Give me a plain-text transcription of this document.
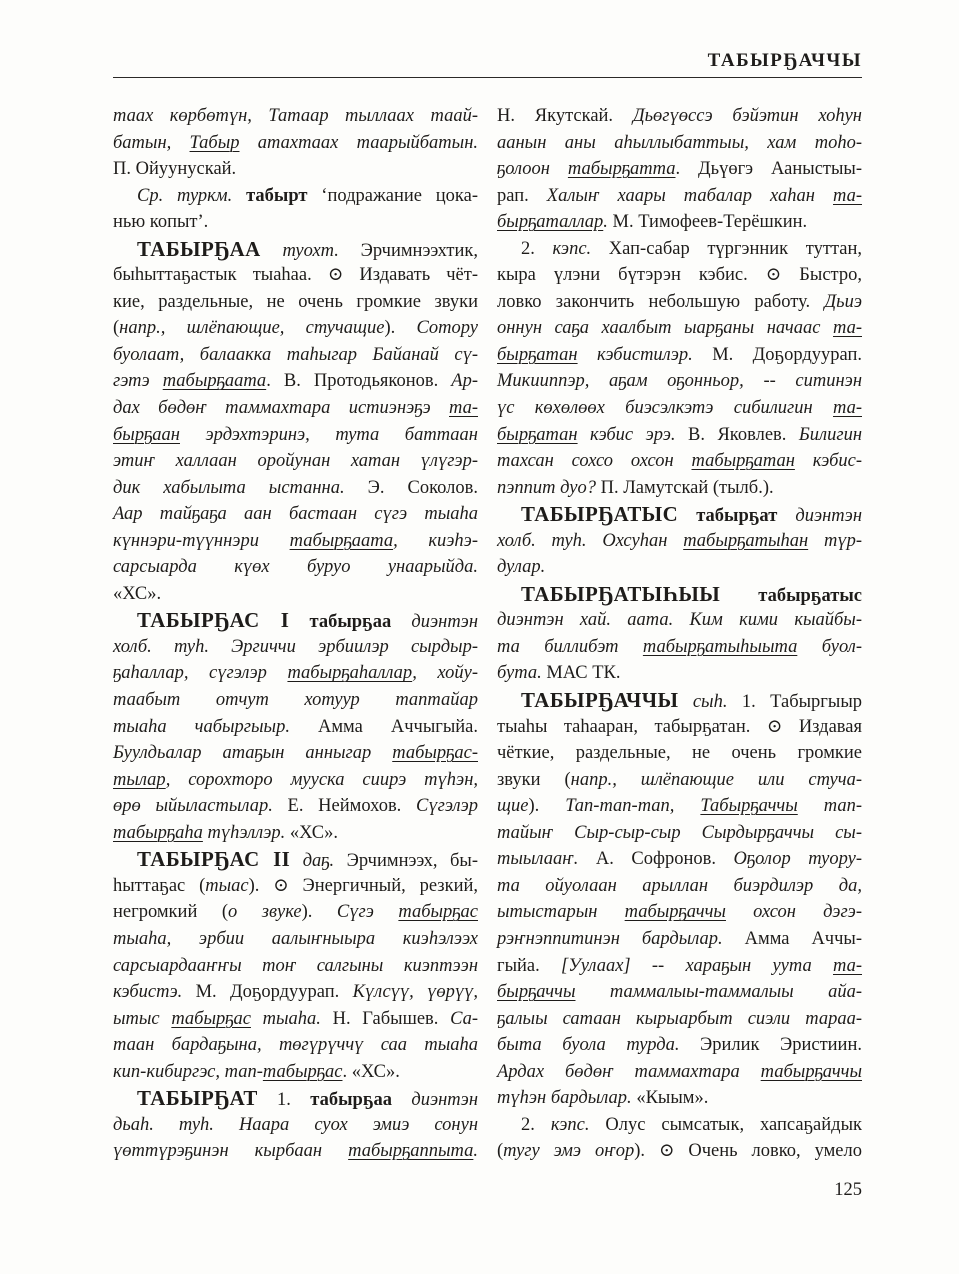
ТАБЫРҔАЧЧЫ
таах көрбөтүн, Татаар тыллаах таай-
батын, Табыр атахтаах таарыйбатын.
П. Ойуунускай.
Ср. туркм. табырт ‘подражание цока-
нью копыт’.
ТАБЫРҔАА туохт. Эрчимнээхтик,
быһыттаҕастык тыаһаа. ⊙ Издавать чёт-
кие, раздельные, не очень громкие звуки
(напр., шлёпающие, стучащие). Сотору
буолаат, балаакка таһыгар Байанай сү-
гэтэ табырҕаата. В. Протодьяконов. Ар-
дах бөдөҥ таммахтара истиэнэҕэ та-
бырҕаан эрдэхтэринэ, тута баттаан
этиҥ халлаан оройунан хатан үлүгэр-
дик хабылыта ыстанна. Э. Соколов.
Аар тайҕаҕа аан бастаан сүгэ тыаһа
күннэри-түүннэри табырҕаата, киэһэ-
сарсыарда күөх буруо унаарыйда.
«ХС».
ТАБЫРҔАС I табырҕаа диэнтэн
холб. туһ. Эргиччи эрбиилэр сырдыр-
ҕаһаллар, сүгэлэр табырҕаһаллар, хойу-
таабыт отчут хотуур таптайар
тыаһа чабыргыыр. Амма Аччыгыйа.
Буулдьалар атаҕын анныгар табырҕас-
тылар, сорохторо мууска сиирэ түһэн,
өрө ыйыластылар. Е. Неймохов. Сүгэлэр
табырҕаһа түһэллэр. «ХС».
ТАБЫРҔАС II даҕ. Эрчимнээх, бы-
һыттаҕас (тыас). ⊙ Энергичный, резкий,
негромкий (о звуке). Сүгэ табырҕас
тыаһа, эрбии аалыҥныыра киэһэлээх
сарсыардааҥҥы тоҥ салгыны киэптээн
кэбистэ. М. Доҕордуурап. Күлсүү, үөрүү,
ытыс табырҕас тыаһа. Н. Габышев. Са-
таан бардаҕына, төгүрүччү саа тыаһа
кип-кибиргэс, тап-табырҕас. «ХС».
ТАБЫРҔАТ 1. табырҕаа диэнтэн
дьаһ. туһ. Наара суох эмиэ сонун
үөттүрэҕинэн кырбаан табырҕаппыта.
Н. Якутскай. Дьөгүөссэ бэйэтин хоһун
аанын аны аһыллыбаттыы, хам тоһо-
ҕолоон табырҕатта. Дьүөгэ Ааныстыы-
рап. Халыҥ хаары табалар хаһан та-
бырҕаталлар. М. Тимофеев-Терёшкин.
2. кэпс. Хап-сабар түргэнник туттан,
кыра үлэни бүтэрэн кэбис. ⊙ Быстро,
ловко закончить небольшую работу. Дьиэ
оннун саҕа хаалбыт ыарҕаны начаас та-
бырҕатан кэбистилэр. М. Доҕордуурап.
Микииппэр, аҕам оҕонньор, -- ситинэн
үс көхөлөөх биэсэлкэтэ сибилигин та-
бырҕатан кэбис эрэ. В. Яковлев. Билигин
тахсан сохсо охсон табырҕатан кэбис-
пэппит дуо? П. Ламутскай (тылб.).
ТАБЫРҔАТЫС табырҕат диэнтэн
холб. туһ. Охсуһан табырҕатыһан түр-
дулар.
ТАБЫРҔАТЫҺЫЫ табырҕатыс
диэнтэн хай. аата. Ким кими кыайбы-
та биллибэт табырҕатыһыыта буол-
бута. МАС ТК.
ТАБЫРҔАЧЧЫ сыһ. 1. Табыргыыр
тыаһы таһааран, табырҕатан. ⊙ Издавая
чёткие, раздельные, не очень громкие
звуки (напр., шлёпающие или стуча-
щие). Тап-тап-тап, Табырҕаччы тап-
тайыҥ Сыр-сыр-сыр Сырдырҕаччы сы-
тыылааҥ. А. Софронов. Оҕолор туору-
та ойуолаан арыллан биэрдилэр да,
ытыстарын табырҕаччы охсон дэгэ-
рэҥнэппитинэн бардылар. Амма Аччы-
гыйа. [Уулаах] -- хараҕын уута та-
бырҕаччы таммалыы-таммалыы айа-
ҕалыы сатаан кырыарбыт сиэли тараа-
быта буола турда. Эрилик Эристиин.
Ардах бөдөҥ таммахтара табырҕаччы
түһэн бардылар. «Кыым».
2. кэпс. Олус сымсатык, хапсаҕайдык
(тугу эмэ оҥор). ⊙ Очень ловко, умело
125
